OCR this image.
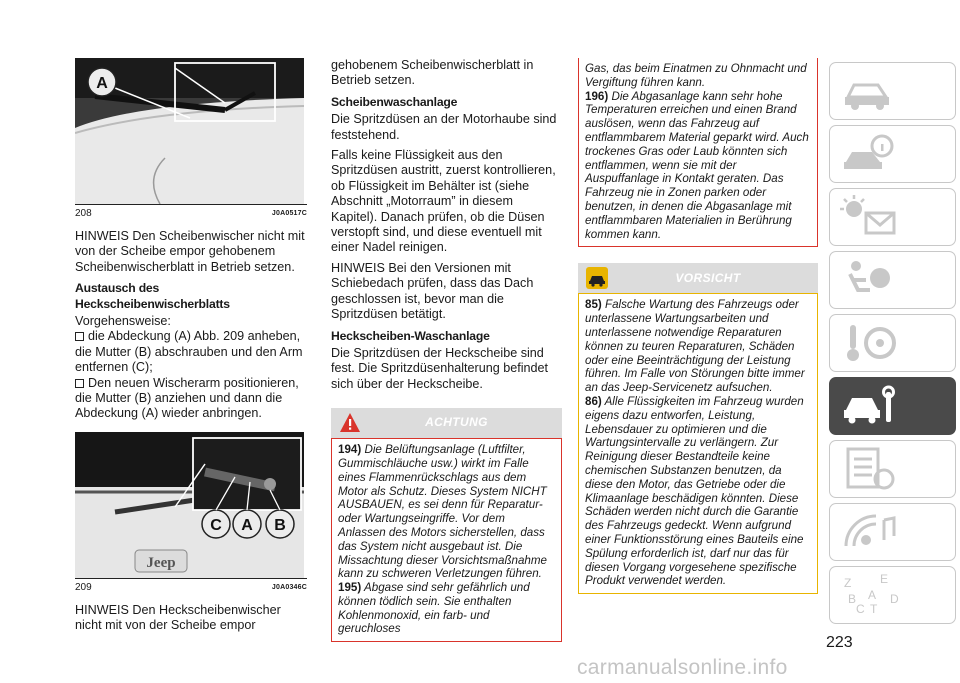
A
208	J0A0517C

HINWEIS Den Scheibenwischer nicht mit von der Scheibe empor gehobenem Scheibenwischerblatt in Betrieb setzen.

Austausch des Heckscheibenwischerblatts

Vorgehensweise:

die Abdeckung (A) Abb. 209 anheben, die Mutter (B) abschrauben und den Arm entfernen (C);

Den neuen Wischerarm positionieren, die Mutter (B) anziehen und dann die Abdeckung (A) wieder anbringen.

Jeep
C A B
209	J0A0346C

HINWEIS Den Heckscheibenwischer nicht mit von der Scheibe empor

gehobenem Scheibenwischerblatt in Betrieb setzen.

Scheibenwaschanlage

Die Spritzdüsen an der Motorhaube sind feststehend.

Falls keine Flüssigkeit aus den Spritzdüsen austritt, zuerst kontrollieren, ob Flüssigkeit im Behälter ist (siehe Abschnitt „Motorraum” in diesem Kapitel). Danach prüfen, ob die Düsen verstopft sind, und diese eventuell mit einer Nadel reinigen.

HINWEIS Bei den Versionen mit Schiebedach prüfen, dass das Dach geschlossen ist, bevor man die Spritzdüsen betätigt.

Heckscheiben-Waschanlage

Die Spritzdüsen der Heckscheibe sind fest. Die Spritzdüsenhalterung befindet sich über der Heckscheibe.

ACHTUNG

194) Die Belüftungsanlage (Luftfilter, Gummischläuche usw.) wirkt im Falle eines Flammenrückschlags aus dem Motor als Schutz. Dieses System NICHT AUSBAUEN, es sei denn für Reparatur- oder Wartungseingriffe. Vor dem Anlassen des Motors sicherstellen, dass das System nicht ausgebaut ist. Die Missachtung dieser Vorsichtsmaßnahme kann zu schweren Verletzungen führen.

195) Abgase sind sehr gefährlich und können tödlich sein. Sie enthalten Kohlenmonoxid, ein farb- und geruchloses

Gas, das beim Einatmen zu Ohnmacht und Vergiftung führen kann.

196) Die Abgasanlage kann sehr hohe Temperaturen erreichen und einen Brand auslösen, wenn das Fahrzeug auf entflammbarem Material geparkt wird. Auch trockenes Gras oder Laub könnten sich entflammen, wenn sie mit der Auspuffanlage in Kontakt geraten. Das Fahrzeug nie in Zonen parken oder benutzen, in denen die Abgasanlage mit entflammbaren Materialien in Berührung kommen kann.

VORSICHT

85) Falsche Wartung des Fahrzeugs oder unterlassene Wartungsarbeiten und unterlassene notwendige Reparaturen können zu teuren Reparaturen, Schäden oder eine Beeinträchtigung der Leistung führen. Im Falle von Störungen bitte immer an das Jeep-Servicenetz aufsuchen.

86) Alle Flüssigkeiten im Fahrzeug wurden eigens dazu entworfen, Leistung, Lebensdauer zu optimieren und die Wartungsintervalle zu verlängern. Zur Reinigung dieser Bestandteile keine chemischen Substanzen benutzen, da diese den Motor, das Getriebe oder die Klimaanlage beschädigen könnten. Diese Schäden werden nicht durch die Garantie des Fahrzeugs gedeckt. Wenn aufgrund einer Funktionsstörung eines Bauteils eine Spülung erforderlich ist, darf nur das für diesen Vorgang vorgesehene spezifische Produkt verwendet werden.

223
carmanualsonline.info
Z E
B A
C T
D
